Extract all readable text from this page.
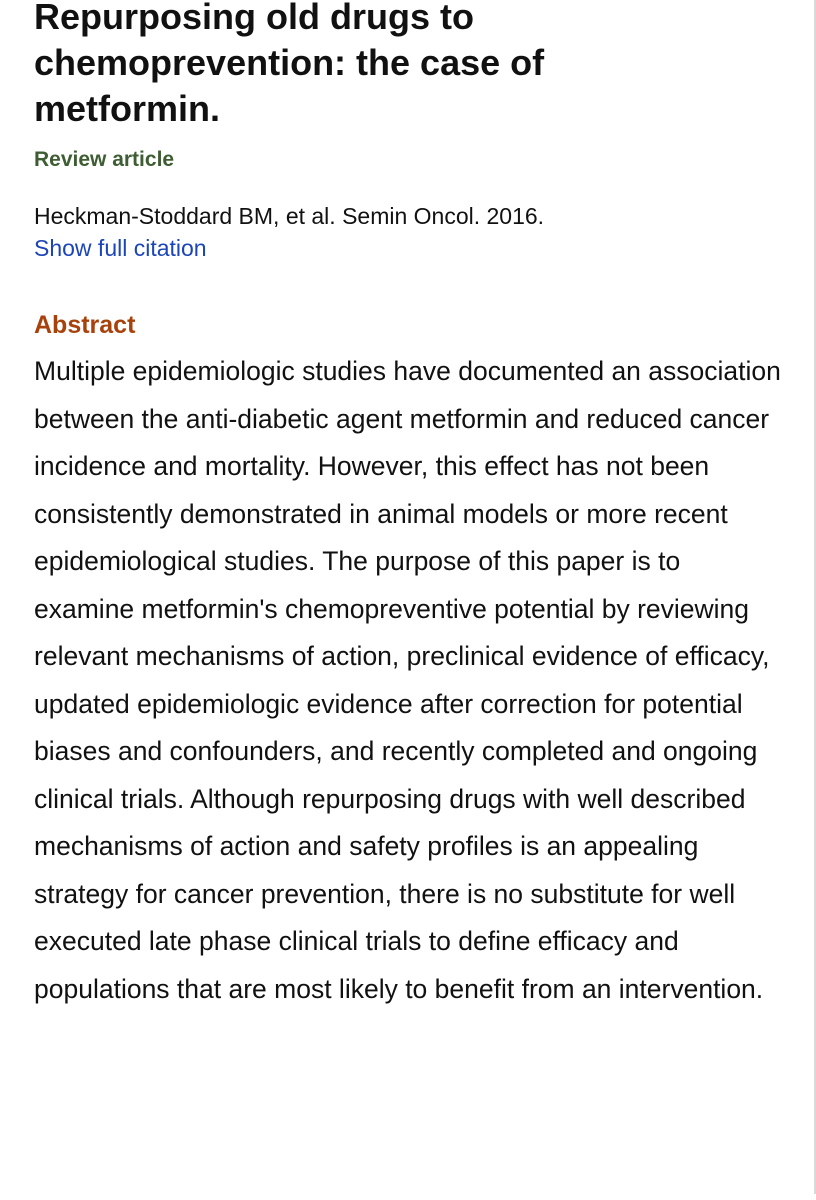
Repurposing old drugs to chemoprevention: the case of metformin.
Review article
Heckman-Stoddard BM, et al. Semin Oncol. 2016.
Show full citation
Abstract
Multiple epidemiologic studies have documented an association between the anti-diabetic agent metformin and reduced cancer incidence and mortality. However, this effect has not been consistently demonstrated in animal models or more recent epidemiological studies. The purpose of this paper is to examine metformin's chemopreventive potential by reviewing relevant mechanisms of action, preclinical evidence of efficacy, updated epidemiologic evidence after correction for potential biases and confounders, and recently completed and ongoing clinical trials. Although repurposing drugs with well described mechanisms of action and safety profiles is an appealing strategy for cancer prevention, there is no substitute for well executed late phase clinical trials to define efficacy and populations that are most likely to benefit from an intervention.
